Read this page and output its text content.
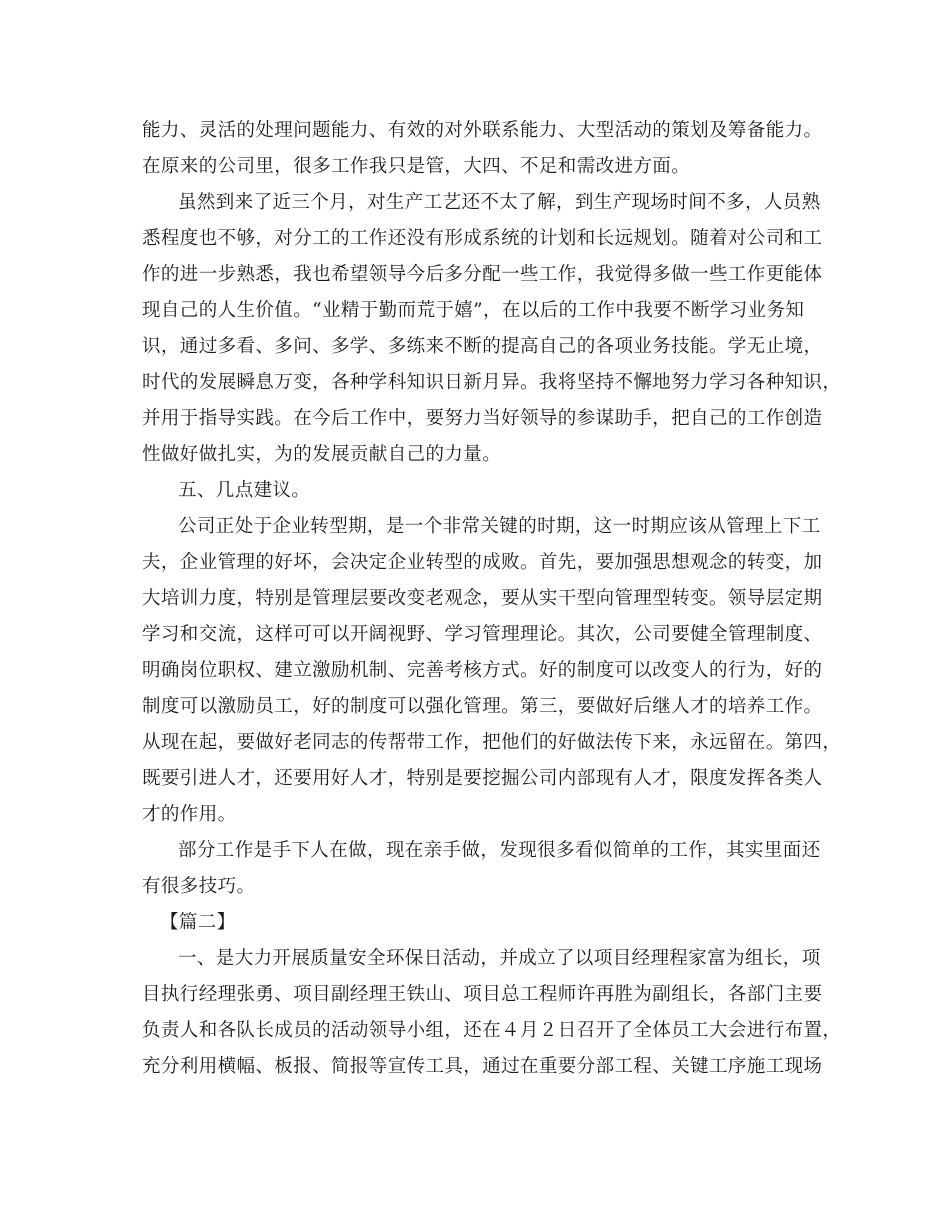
能力、灵活的处理问题能力、有效的对外联系能力、大型活动的策划及筹备能力。
在原来的公司里，很多工作我只是管，大四、不足和需改进方面。
虽然到来了近三个月，对生产工艺还不太了解，到生产现场时间不多，人员熟
悉程度也不够，对分工的工作还没有形成系统的计划和长远规划。随着对公司和工
作的进一步熟悉，我也希望领导今后多分配一些工作，我觉得多做一些工作更能体
现自己的人生价值。“业精于勤而荒于嬉”，在以后的工作中我要不断学习业务知
识，通过多看、多问、多学、多练来不断的提高自己的各项业务技能。学无止境，
时代的发展瞬息万变，各种学科知识日新月异。我将坚持不懈地努力学习各种知识，
并用于指导实践。在今后工作中，要努力当好领导的参谋助手，把自己的工作创造
性做好做扎实，为的发展贡献自己的力量。
五、几点建议。
公司正处于企业转型期，是一个非常关键的时期，这一时期应该从管理上下工
夫，企业管理的好坏，会决定企业转型的成败。首先，要加强思想观念的转变，加
大培训力度，特别是管理层要改变老观念，要从实干型向管理型转变。领导层定期
学习和交流，这样可可以开阔视野、学习管理理论。其次，公司要健全管理制度、
明确岗位职权、建立激励机制、完善考核方式。好的制度可以改变人的行为，好的
制度可以激励员工，好的制度可以强化管理。第三，要做好后继人才的培养工作。
从现在起，要做好老同志的传帮带工作，把他们的好做法传下来，永远留在。第四，
既要引进人才，还要用好人才，特别是要挖掘公司内部现有人才，限度发挥各类人
才的作用。
部分工作是手下人在做，现在亲手做，发现很多看似简单的工作，其实里面还
有很多技巧。
【篇二】
一、是大力开展质量安全环保日活动，并成立了以项目经理程家富为组长，项
目执行经理张勇、项目副经理王铁山、项目总工程师许再胜为副组长，各部门主要
负责人和各队长成员的活动领导小组，还在４月２日召开了全体员工大会进行布置，
充分利用横幅、板报、简报等宣传工具，通过在重要分部工程、关键工序施工现场
